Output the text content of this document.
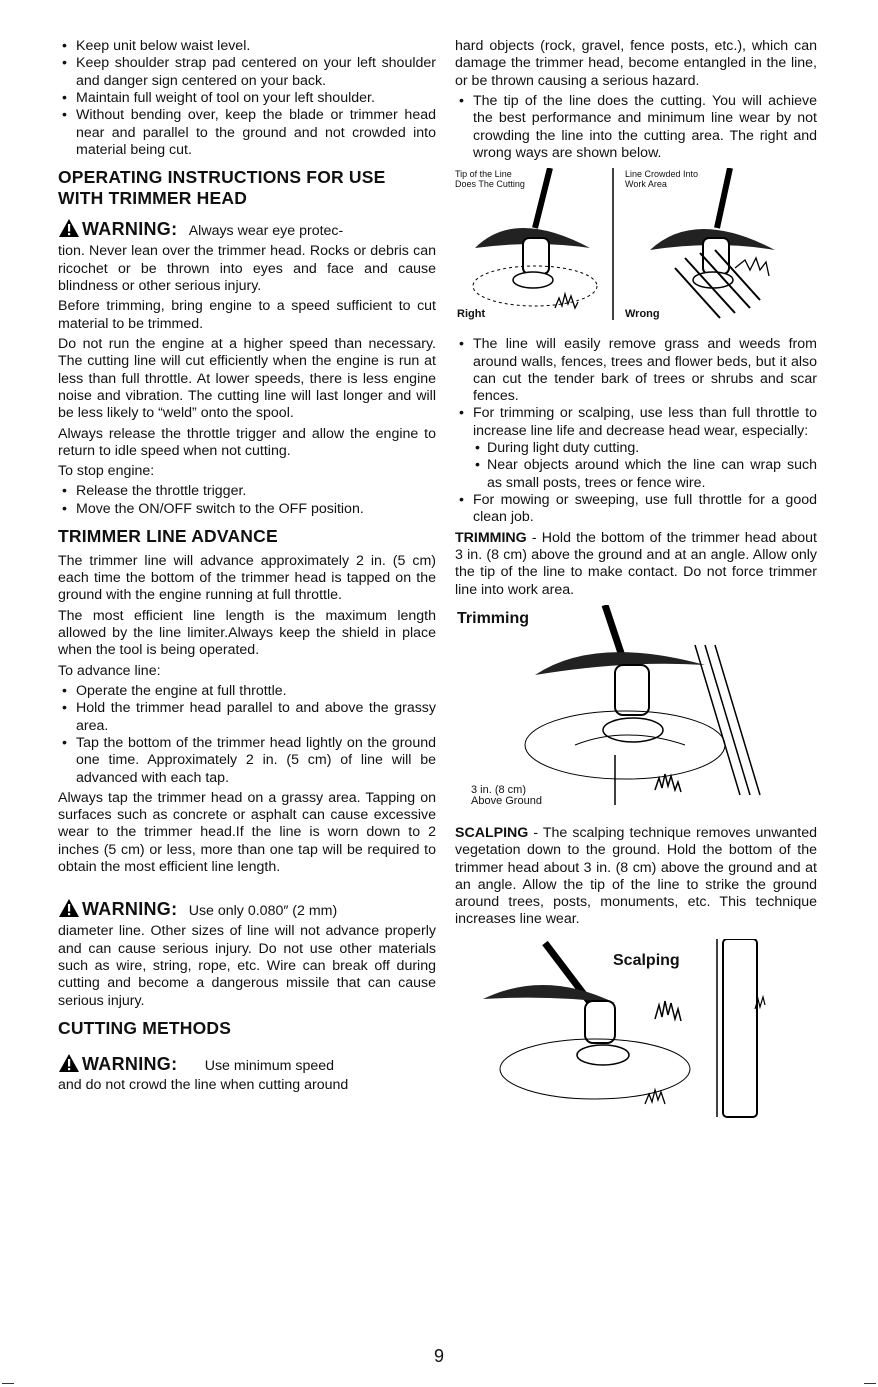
• Keep unit below waist level.
• Keep shoulder strap pad centered on your left shoulder and danger sign centered on your back.
• Maintain full weight of tool on your left shoulder.
• Without bending over, keep the blade or trimmer head near and parallel to the ground and not crowded into material being cut.
OPERATING INSTRUCTIONS FOR USE WITH TRIMMER HEAD
WARNING: Always wear eye protec-

tion. Never lean over the trimmer head. Rocks or debris can ricochet or be thrown into eyes and face and cause blindness or other serious injury.

Before trimming, bring engine to a speed sufficient to cut material to be trimmed.

Do not run the engine at a higher speed than necessary. The cutting line will cut efficiently when the engine is run at less than full throttle. At lower speeds, there is less engine noise and vibration. The cutting line will last longer and will be less likely to “weld” onto the spool.

Always release the throttle trigger and allow the engine to return to idle speed when not cutting.

To stop engine:

• Release the throttle trigger.
• Move the ON/OFF switch to the OFF position.
TRIMMER LINE ADVANCE

The trimmer line will advance approximately 2 in. (5 cm) each time the bottom of the trimmer head is tapped on the ground with the engine running at full throttle.

The most efficient line length is the maximum length allowed by the line limiter.Always keep the shield in place when the tool is being operated.

To advance line:

• Operate the engine at full throttle.
• Hold the trimmer head parallel to and above the grassy area.
• Tap the bottom of the trimmer head lightly on the ground one time. Approximately 2 in. (5 cm) of line will be advanced with each tap.

Always tap the trimmer head on a grassy area. Tapping on surfaces such as concrete or asphalt can cause excessive wear to the trimmer head.If the line is worn down to 2 inches (5 cm) or less, more than one tap will be required to obtain the most efficient line length.

WARNING: Use only 0.080″ (2 mm)

diameter line. Other sizes of line will not advance properly and can cause serious injury. Do not use other materials such as wire, string, rope, etc. Wire can break off during cutting and become a dangerous missile that can cause serious injury.

CUTTING METHODS
WARNING: Use minimum speed

and do not crowd the line when cutting around

hard objects (rock, gravel, fence posts, etc.), which can damage the trimmer head, become entangled in the line, or be thrown causing a serious hazard.

• The tip of the line does the cutting. You will achieve the best performance and minimum line wear by not crowding the line into the cutting area. The right and wrong ways are shown below.
Tip of the Line Does The Cutting
Line Crowded Into Work Area
Right	Wrong
• The line will easily remove grass and weeds from around walls, fences, trees and flower beds, but it also can cut the tender bark of trees or shrubs and scar fences.
• For trimming or scalping, use less than full throttle to increase line life and decrease head wear, especially:
• During light duty cutting.
• Near objects around which the line can wrap such as small posts, trees or fence wire.
• For mowing or sweeping, use full throttle for a good clean job.

TRIMMING - Hold the bottom of the trimmer head about 3 in. (8 cm) above the ground and at an angle. Allow only the tip of the line to make contact. Do not force trimmer line into work area.

Trimming
3 in. (8 cm)
Above Ground

SCALPING - The scalping technique removes unwanted vegetation down to the ground. Hold the bottom of the trimmer head about 3 in. (8 cm) above the ground and at an angle. Allow the tip of the line to strike the ground around trees, posts, monuments, etc. This technique increases line wear.

Scalping
9
